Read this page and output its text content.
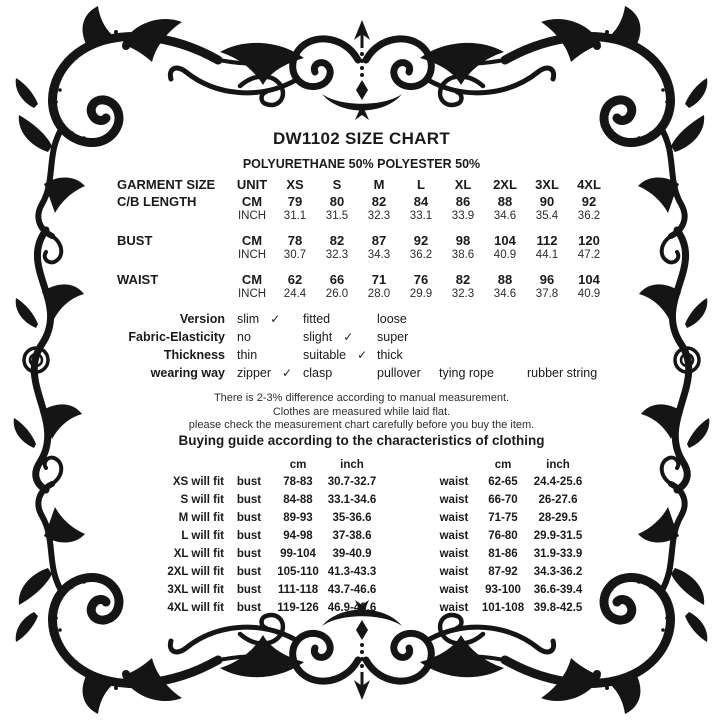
DW1102 SIZE CHART
POLYURETHANE 50% POLYESTER 50%
GARMENT SIZE	UNIT	XS	S	M	L	XL	2XL	3XL	4XL
C/B LENGTH	CM	79	80	82	84	86	88	90	92
	INCH	31.1	31.5	32.3	33.1	33.9	34.6	35.4	36.2
BUST	CM	78	82	87	92	98	104	112	120
	INCH	30.7	32.3	34.3	36.2	38.6	40.9	44.1	47.2
WAIST	CM	62	66	71	76	82	88	96	104
	INCH	24.4	26.0	28.0	29.9	32.3	34.6	37.8	40.9
Version slim ✓ fitted	loose
Fabric-Elasticity no	slight ✓ super
Thickness thin	suitable ✓ thick
wearing way zipper ✓ clasp	pullover tying rope	rubber string
There is 2-3% difference according to manual measurement.
Clothes are measured while laid flat.
please check the measurement chart carefully before you buy the item.
Buying guide according to the characteristics of clothing
cm	inch	cm	inch
XS will fit	bust	78-83	30.7-32.7	waist	62-65	24.4-25.6
S will fit	bust	84-88	33.1-34.6	waist	66-70	26-27.6
M will fit	bust	89-93	35-36.6	waist	71-75	28-29.5
L will fit	bust	94-98	37-38.6	waist	76-80	29.9-31.5
XL will fit	bust	99-104	39-40.9	waist	81-86	31.9-33.9
2XL will fit	bust	105-110 41.3-43.3	waist	87-92	34.3-36.2
3XL will fit	bust	111-118 43.7-46.6	waist	93-100	36.6-39.4
4XL will fit	bust	119-126 46.9-49.6	waist	101-108 39.8-42.5
